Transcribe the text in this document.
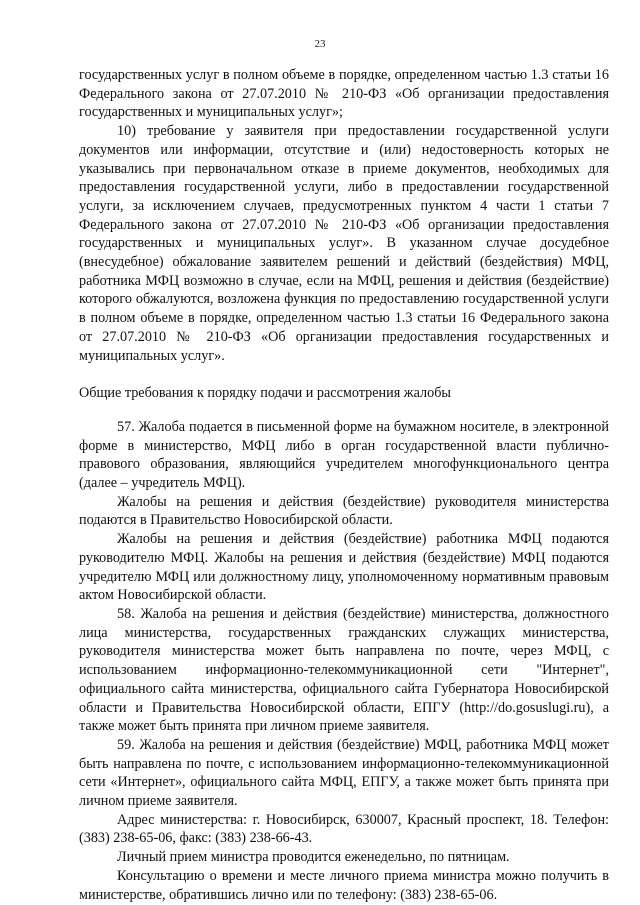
23

государственных услуг в полном объеме в порядке, определенном частью 1.3 статьи 16 Федерального закона от 27.07.2010 № 210-ФЗ «Об организации предоставления государственных и муниципальных услуг»;

10) требование у заявителя при предоставлении государственной услуги документов или информации, отсутствие и (или) недостоверность которых не указывались при первоначальном отказе в приеме документов, необходимых для предоставления государственной услуги, либо в предоставлении государственной услуги, за исключением случаев, предусмотренных пунктом 4 части 1 статьи 7 Федерального закона от 27.07.2010 № 210-ФЗ «Об организации предоставления государственных и муниципальных услуг». В указанном случае досудебное (внесудебное) обжалование заявителем решений и действий (бездействия) МФЦ, работника МФЦ возможно в случае, если на МФЦ, решения и действия (бездействие) которого обжалуются, возложена функция по предоставлению государственной услуги в полном объеме в порядке, определенном частью 1.3 статьи 16 Федерального закона от 27.07.2010 № 210-ФЗ «Об организации предоставления государственных и муниципальных услуг».

Общие требования к порядку подачи и рассмотрения жалобы

57. Жалоба подается в письменной форме на бумажном носителе, в электронной форме в министерство, МФЦ либо в орган государственной власти публично-правового образования, являющийся учредителем многофункционального центра (далее – учредитель МФЦ).

Жалобы на решения и действия (бездействие) руководителя министерства подаются в Правительство Новосибирской области.

Жалобы на решения и действия (бездействие) работника МФЦ подаются руководителю МФЦ. Жалобы на решения и действия (бездействие) МФЦ подаются учредителю МФЦ или должностному лицу, уполномоченному нормативным правовым актом Новосибирской области.

58. Жалоба на решения и действия (бездействие) министерства, должностного лица министерства, государственных гражданских служащих министерства, руководителя министерства может быть направлена по почте, через МФЦ, с использованием информационно-телекоммуникационной сети "Интернет", официального сайта министерства, официального сайта Губернатора Новосибирской области и Правительства Новосибирской области, ЕПГУ (http://do.gosuslugi.ru), а также может быть принята при личном приеме заявителя.

59. Жалоба на решения и действия (бездействие) МФЦ, работника МФЦ может быть направлена по почте, с использованием информационно-телекоммуникационной сети «Интернет», официального сайта МФЦ, ЕПГУ, а также может быть принята при личном приеме заявителя.

Адрес министерства: г. Новосибирск, 630007, Красный проспект, 18. Телефон: (383) 238-65-06, факс: (383) 238-66-43.

Личный прием министра проводится еженедельно, по пятницам.

Консультацию о времени и месте личного приема министра можно получить в министерстве, обратившись лично или по телефону: (383) 238-65-06.
